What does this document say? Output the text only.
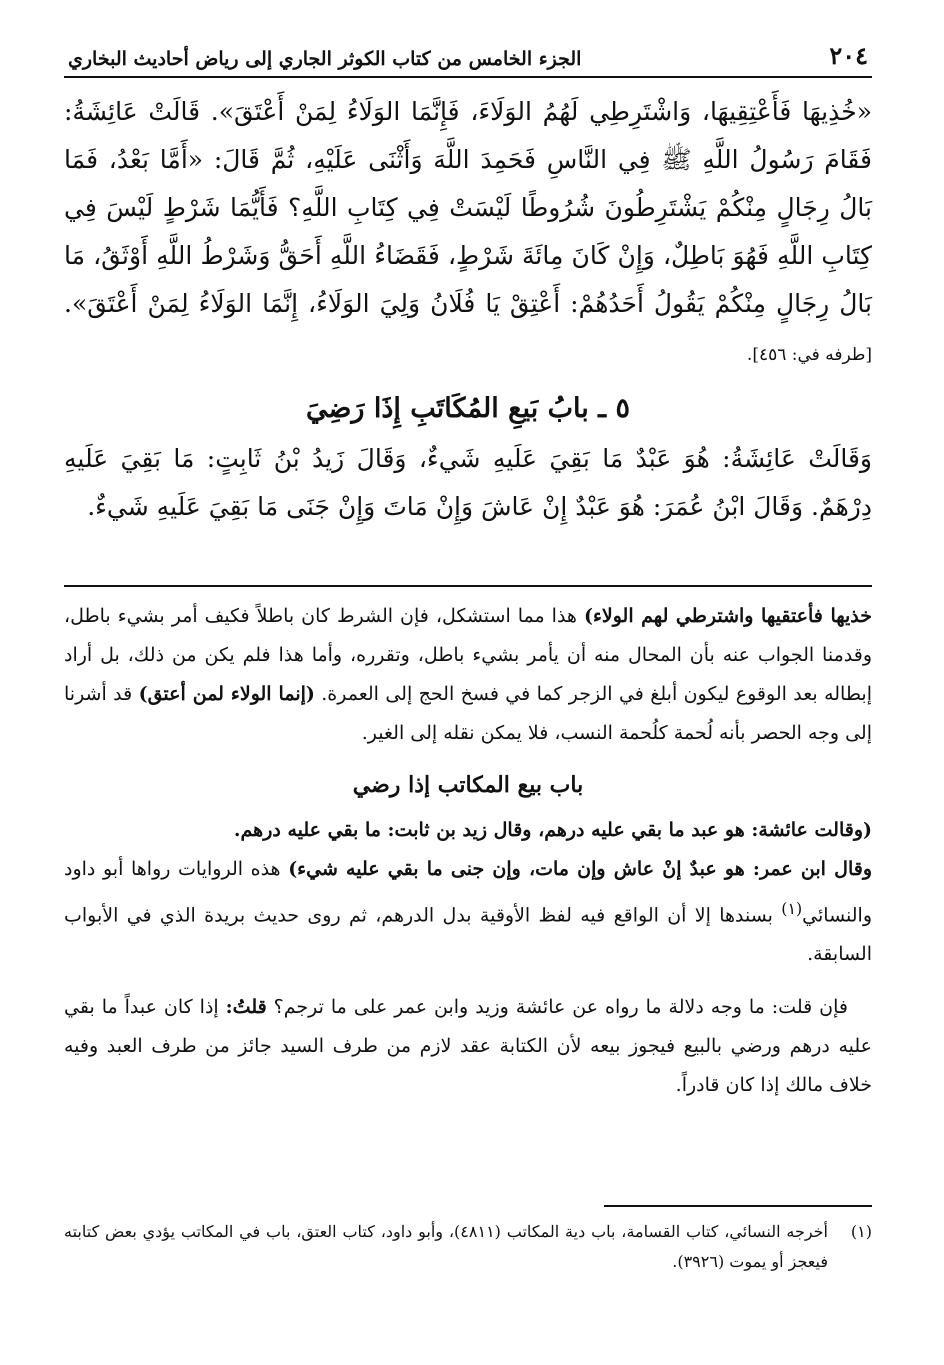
٢٠٤
الجزء الخامس من كتاب الكوثر الجاري إلى رياض أحاديث البخاري
«خُذِيهَا فَأَعْتِقِيهَا، وَاشْتَرِطِي لَهُمُ الوَلَاءَ، فَإِنَّمَا الوَلَاءُ لِمَنْ أَعْتَقَ». قَالَتْ عَائِشَةُ: فَقَامَ رَسُولُ اللَّهِ ﷺ فِي النَّاسِ فَحَمِدَ اللَّهَ وَأَثْنَى عَلَيْهِ، ثُمَّ قَالَ: «أَمَّا بَعْدُ، فَمَا بَالُ رِجَالٍ مِنْكُمْ يَشْتَرِطُونَ شُرُوطًا لَيْسَتْ فِي كِتَابِ اللَّهِ؟ فَأَيُّمَا شَرْطٍ لَيْسَ فِي كِتَابِ اللَّهِ فَهُوَ بَاطِلٌ، وَإِنْ كَانَ مِائَةَ شَرْطٍ، فَقَضَاءُ اللَّهِ أَحَقُّ وَشَرْطُ اللَّهِ أَوْثَقُ، مَا بَالُ رِجَالٍ مِنْكُمْ يَقُولُ أَحَدُهُمْ: أَعْتِقْ يَا فُلَانُ وَلِيَ الوَلَاءُ، إِنَّمَا الوَلَاءُ لِمَنْ أَعْتَقَ». [طرفه في: ٤٥٦].
٥ ـ بابُ بَيعِ المُكَاتَبِ إِذَا رَضِيَ
وَقَالَتْ عَائِشَةُ: هُوَ عَبْدٌ مَا بَقِيَ عَلَيهِ شَيءٌ، وَقَالَ زَيدُ بْنُ ثَابِتٍ: مَا بَقِيَ عَلَيهِ دِرْهَمٌ. وَقَالَ ابْنُ عُمَرَ: هُوَ عَبْدٌ إِنْ عَاشَ وَإِنْ مَاتَ وَإِنْ جَنَى مَا بَقِيَ عَلَيهِ شَيءٌ.

خذيها فأعتقيها واشترطي لهم الولاء) هذا مما استشكل، فإن الشرط كان باطلاً فكيف أمر بشيء باطل، وقدمنا الجواب عنه بأن المحال منه أن يأمر بشيء باطل، وتقرره، وأما هذا فلم يكن من ذلك، بل أراد إبطاله بعد الوقوع ليكون أبلغ في الزجر كما في فسخ الحج إلى العمرة. (إنما الولاء لمن أعتق) قد أشرنا إلى وجه الحصر بأنه لُحمة كلُحمة النسب، فلا يمكن نقله إلى الغير.

باب بيع المكاتب إذا رضي

(وقالت عائشة: هو عبد ما بقي عليه درهم، وقال زيد بن ثابت: ما بقي عليه درهم.
وقال ابن عمر: هو عبدٌ إنْ عاش وإن مات، وإن جنى ما بقي عليه شيء) هذه الروايات رواها أبو داود والنسائي$^{(١)}$ بسندها إلا أن الواقع فيه لفظ الأوقية بدل الدرهم، ثم روى حديث بريدة الذي في الأبواب السابقة.

فإن قلت: ما وجه دلالة ما رواه عن عائشة وزيد وابن عمر على ما ترجم؟ قلتُ: إذا كان عبداً ما بقي عليه درهم ورضي بالبيع فيجوز بيعه لأن الكتابة عقد لازم من طرف السيد جائز من طرف العبد وفيه خلاف مالك إذا كان قادراً.

(١)
أخرجه النسائي، كتاب القسامة، باب دية المكاتب (٤٨١١)، وأبو داود، كتاب العتق، باب في المكاتب يؤدي بعض كتابته فيعجز أو يموت (٣٩٢٦).
